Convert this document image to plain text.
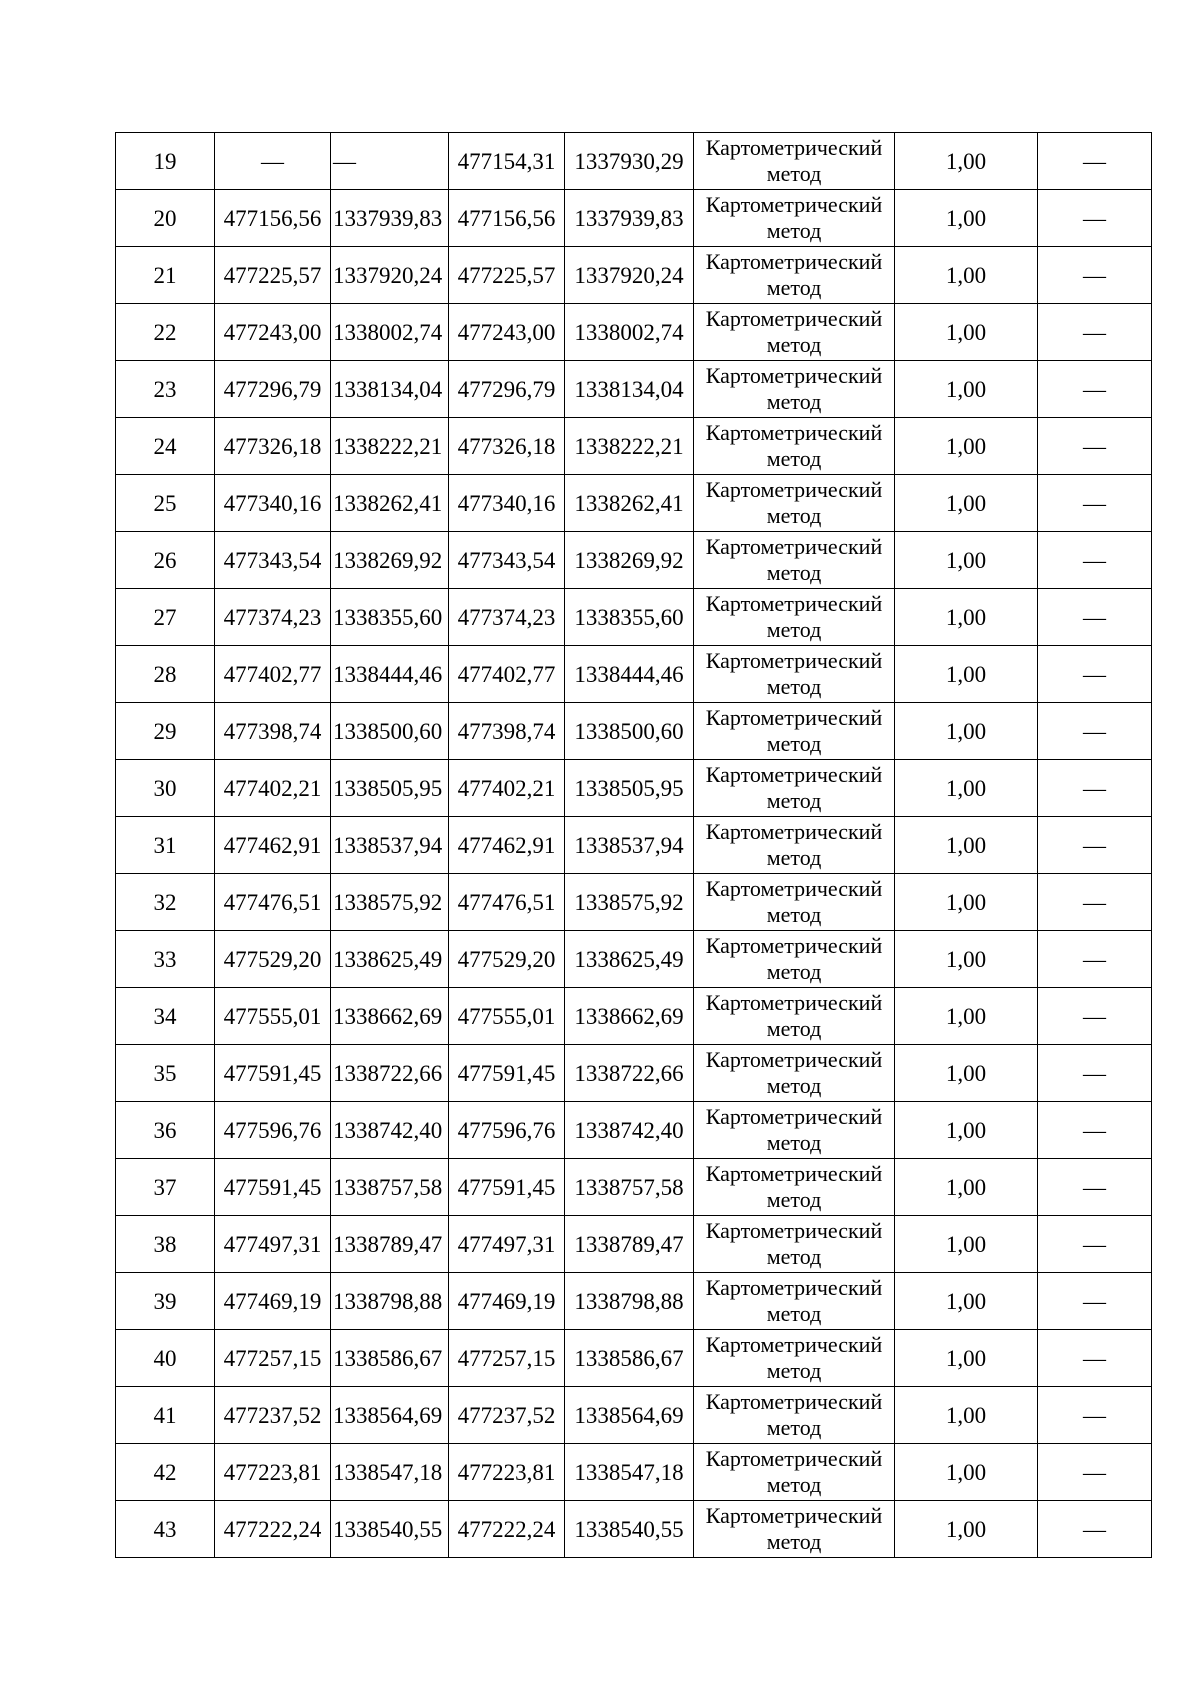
19	—	—	477154,31	1337930,29	Картометрический метод	1,00	—
20	477156,56	1337939,83	477156,56	1337939,83	Картометрический метод	1,00	—
21	477225,57	1337920,24	477225,57	1337920,24	Картометрический метод	1,00	—
22	477243,00	1338002,74	477243,00	1338002,74	Картометрический метод	1,00	—
23	477296,79	1338134,04	477296,79	1338134,04	Картометрический метод	1,00	—
24	477326,18	1338222,21	477326,18	1338222,21	Картометрический метод	1,00	—
25	477340,16	1338262,41	477340,16	1338262,41	Картометрический метод	1,00	—
26	477343,54	1338269,92	477343,54	1338269,92	Картометрический метод	1,00	—
27	477374,23	1338355,60	477374,23	1338355,60	Картометрический метод	1,00	—
28	477402,77	1338444,46	477402,77	1338444,46	Картометрический метод	1,00	—
29	477398,74	1338500,60	477398,74	1338500,60	Картометрический метод	1,00	—
30	477402,21	1338505,95	477402,21	1338505,95	Картометрический метод	1,00	—
31	477462,91	1338537,94	477462,91	1338537,94	Картометрический метод	1,00	—
32	477476,51	1338575,92	477476,51	1338575,92	Картометрический метод	1,00	—
33	477529,20	1338625,49	477529,20	1338625,49	Картометрический метод	1,00	—
34	477555,01	1338662,69	477555,01	1338662,69	Картометрический метод	1,00	—
35	477591,45	1338722,66	477591,45	1338722,66	Картометрический метод	1,00	—
36	477596,76	1338742,40	477596,76	1338742,40	Картометрический метод	1,00	—
37	477591,45	1338757,58	477591,45	1338757,58	Картометрический метод	1,00	—
38	477497,31	1338789,47	477497,31	1338789,47	Картометрический метод	1,00	—
39	477469,19	1338798,88	477469,19	1338798,88	Картометрический метод	1,00	—
40	477257,15	1338586,67	477257,15	1338586,67	Картометрический метод	1,00	—
41	477237,52	1338564,69	477237,52	1338564,69	Картометрический метод	1,00	—
42	477223,81	1338547,18	477223,81	1338547,18	Картометрический метод	1,00	—
43	477222,24	1338540,55	477222,24	1338540,55	Картометрический метод	1,00	—
